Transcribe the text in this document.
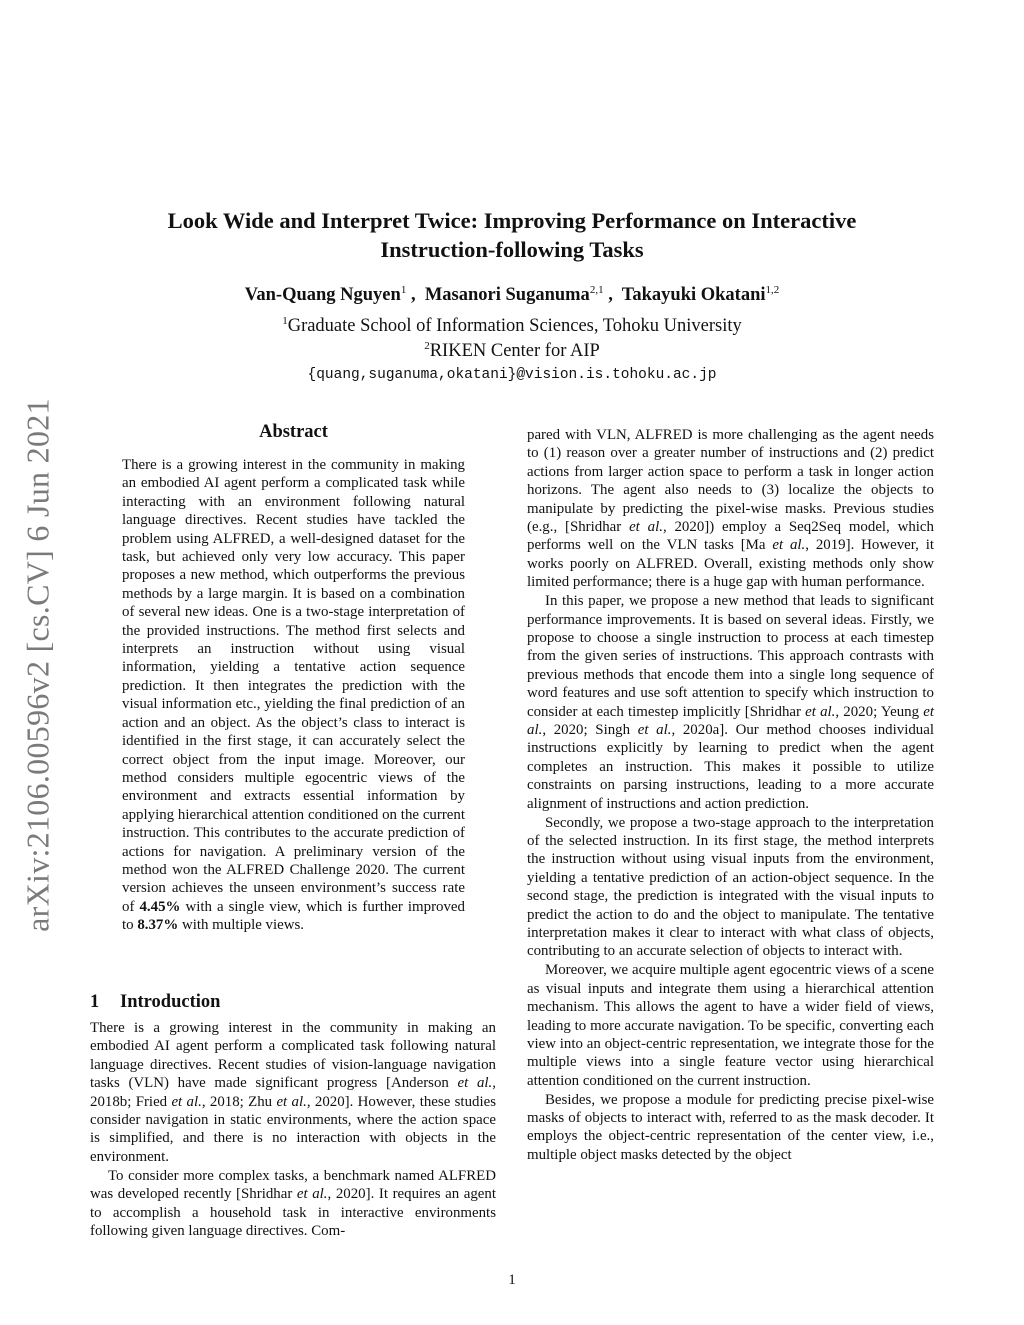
arXiv:2106.00596v2 [cs.CV] 6 Jun 2021
Look Wide and Interpret Twice: Improving Performance on Interactive
Instruction-following Tasks
Van-Quang Nguyen$^1$ ,  Masanori Suganuma$^{2,1}$ ,  Takayuki Okatani$^{1,2}$
$^1$Graduate School of Information Sciences, Tohoku University
$^2$RIKEN Center for AIP
{quang,suganuma,okatani}@vision.is.tohoku.ac.jp
Abstract

There is a growing interest in the community in making an embodied AI agent perform a complicated task while interacting with an environment following natural language directives. Recent studies have tackled the problem using ALFRED, a well-designed dataset for the task, but achieved only very low accuracy. This paper proposes a new method, which outperforms the previous methods by a large margin. It is based on a combination of several new ideas. One is a two-stage interpretation of the provided instructions. The method first selects and interprets an instruction without using visual information, yielding a tentative action sequence prediction. It then integrates the prediction with the visual information etc., yielding the final prediction of an action and an object. As the object’s class to interact is identified in the first stage, it can accurately select the correct object from the input image. Moreover, our method considers multiple egocentric views of the environment and extracts essential information by applying hierarchical attention conditioned on the current instruction. This contributes to the accurate prediction of actions for navigation. A preliminary version of the method won the ALFRED Challenge 2020. The current version achieves the unseen environment’s success rate of 4.45% with a single view, which is further improved to 8.37% with multiple views.

1 Introduction

There is a growing interest in the community in making an embodied AI agent perform a complicated task following natural language directives. Recent studies of vision-language navigation tasks (VLN) have made significant progress [Anderson et al., 2018b; Fried et al., 2018; Zhu et al., 2020]. However, these studies consider navigation in static environments, where the action space is simplified, and there is no interaction with objects in the environment.

To consider more complex tasks, a benchmark named ALFRED was developed recently [Shridhar et al., 2020]. It requires an agent to accomplish a household task in interactive environments following given language directives. Com-

pared with VLN, ALFRED is more challenging as the agent needs to (1) reason over a greater number of instructions and (2) predict actions from larger action space to perform a task in longer action horizons. The agent also needs to (3) localize the objects to manipulate by predicting the pixel-wise masks. Previous studies (e.g., [Shridhar et al., 2020]) employ a Seq2Seq model, which performs well on the VLN tasks [Ma et al., 2019]. However, it works poorly on ALFRED. Overall, existing methods only show limited performance; there is a huge gap with human performance.

In this paper, we propose a new method that leads to significant performance improvements. It is based on several ideas. Firstly, we propose to choose a single instruction to process at each timestep from the given series of instructions. This approach contrasts with previous methods that encode them into a single long sequence of word features and use soft attention to specify which instruction to consider at each timestep implicitly [Shridhar et al., 2020; Yeung et al., 2020; Singh et al., 2020a]. Our method chooses individual instructions explicitly by learning to predict when the agent completes an instruction. This makes it possible to utilize constraints on parsing instructions, leading to a more accurate alignment of instructions and action prediction.

Secondly, we propose a two-stage approach to the interpretation of the selected instruction. In its first stage, the method interprets the instruction without using visual inputs from the environment, yielding a tentative prediction of an action-object sequence. In the second stage, the prediction is integrated with the visual inputs to predict the action to do and the object to manipulate. The tentative interpretation makes it clear to interact with what class of objects, contributing to an accurate selection of objects to interact with.

Moreover, we acquire multiple agent egocentric views of a scene as visual inputs and integrate them using a hierarchical attention mechanism. This allows the agent to have a wider field of views, leading to more accurate navigation. To be specific, converting each view into an object-centric representation, we integrate those for the multiple views into a single feature vector using hierarchical attention conditioned on the current instruction.

Besides, we propose a module for predicting precise pixel-wise masks of objects to interact with, referred to as the mask decoder. It employs the object-centric representation of the center view, i.e., multiple object masks detected by the object

1
